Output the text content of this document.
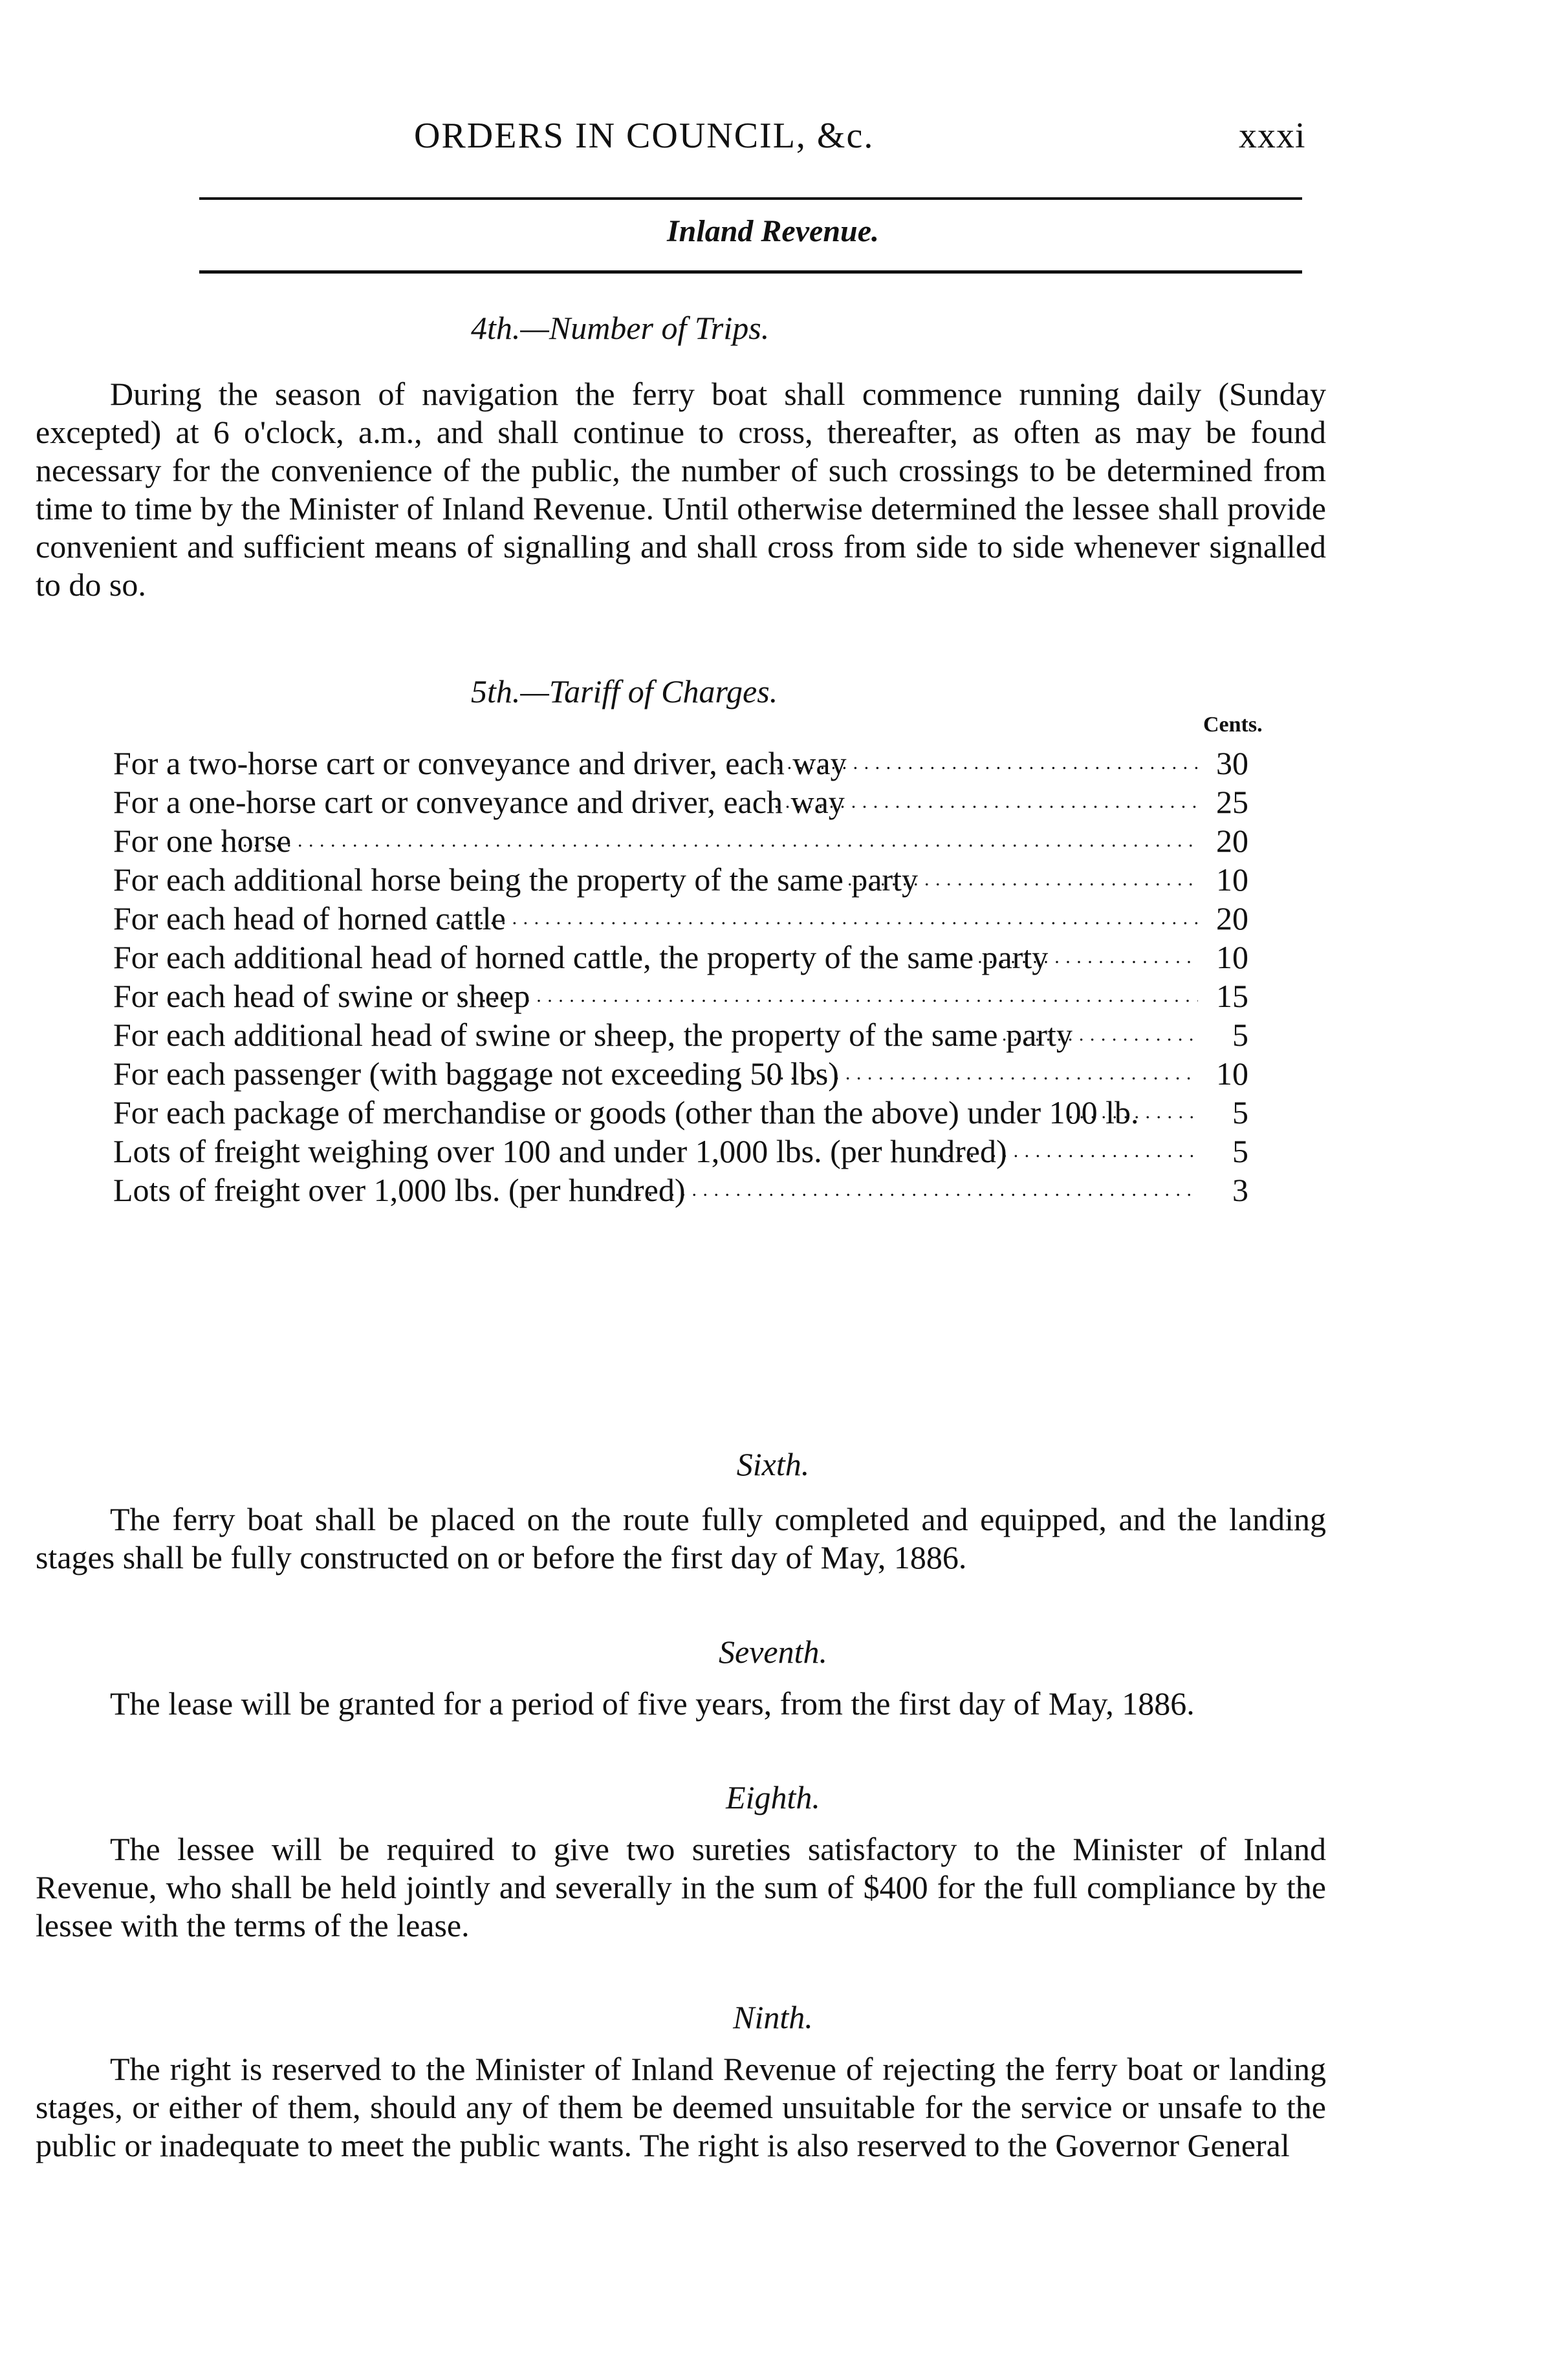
ORDERS IN COUNCIL, &c.	xxxi
Inland Revenue.
4th.—Number of Trips.

During the season of navigation the ferry boat shall commence running daily (Sunday excepted) at 6 o'clock, a.m., and shall continue to cross, thereafter, as often as may be found necessary for the convenience of the public, the number of such crossings to be determined from time to time by the Minister of Inland Revenue. Until otherwise determined the lessee shall provide convenient and sufficient means of signalling and shall cross from side to side whenever signalled to do so.

5th.—Tariff of Charges.
Cents.
For a two-horse cart or conveyance and driver, each way . . .	30
For a one-horse cart or conveyance and driver, each way . . .	25
For one horse . . .	20
For each additional horse being the property of the same party . . .	10
For each head of horned cattle . . .	20
For each additional head of horned cattle, the property of the same party . . .	10
For each head of swine or sheep . . .	15
For each additional head of swine or sheep, the property of the same party . . .	5
For each passenger (with baggage not exceeding 50 lbs) . . .	10
For each package of merchandise or goods (other than the above) under 100 lb. . . .	5
Lots of freight weighing over 100 and under 1,000 lbs. (per hundred) . . .	5
Lots of freight over 1,000 lbs. (per hundred) . . .	3
Sixth.

The ferry boat shall be placed on the route fully completed and equipped, and the landing stages shall be fully constructed on or before the first day of May, 1886.

Seventh.

The lease will be granted for a period of five years, from the first day of May, 1886.

Eighth.

The lessee will be required to give two sureties satisfactory to the Minister of Inland Revenue, who shall be held jointly and severally in the sum of $400 for the full compliance by the lessee with the terms of the lease.

Ninth.

The right is reserved to the Minister of Inland Revenue of rejecting the ferry boat or landing stages, or either of them, should any of them be deemed unsuitable for the service or unsafe to the public or inadequate to meet the public wants. The right is also reserved to the Governor General
